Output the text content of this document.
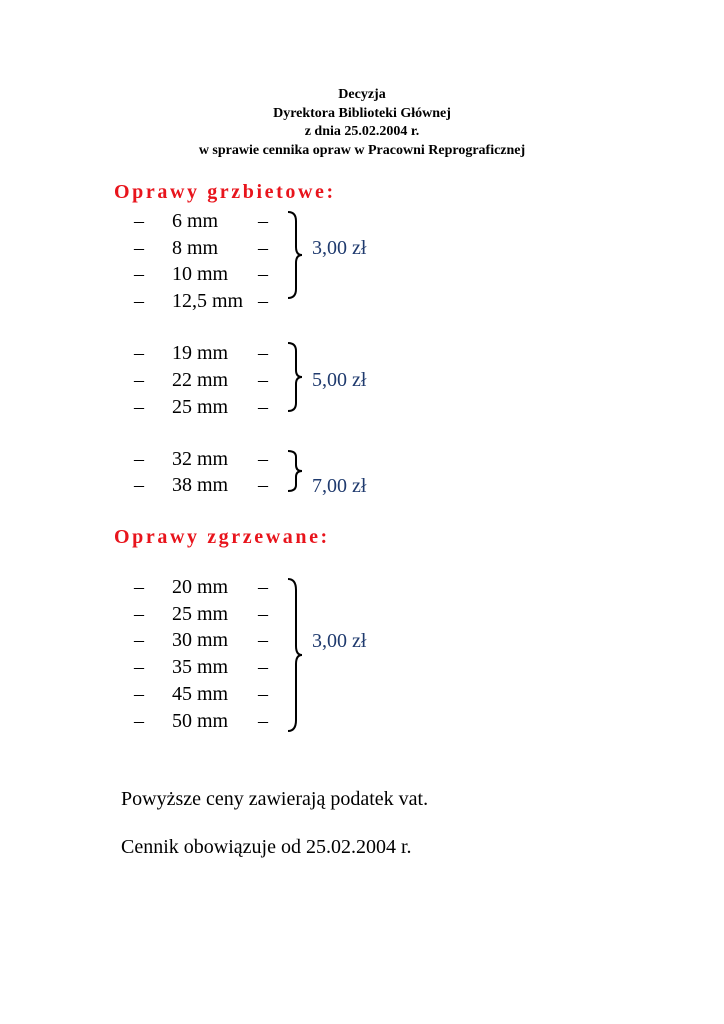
Decyzja
Dyrektora Biblioteki Głównej
z dnia 25.02.2004 r.
w sprawie cennika opraw w Pracowni Reprograficznej
Oprawy grzbietowe:
– 6 mm –
– 8 mm –
– 10 mm –
– 12,5 mm –
3,00 zł
– 19 mm –
– 22 mm –
– 25 mm –
5,00 zł
– 32 mm –
– 38 mm – 7,00 zł
Oprawy zgrzewane:
– 20 mm –
– 25 mm –
– 30 mm –
– 35 mm –
– 45 mm –
– 50 mm –
3,00 zł
Powyższe ceny zawierają podatek vat.
Cennik obowiązuje od 25.02.2004 r.
